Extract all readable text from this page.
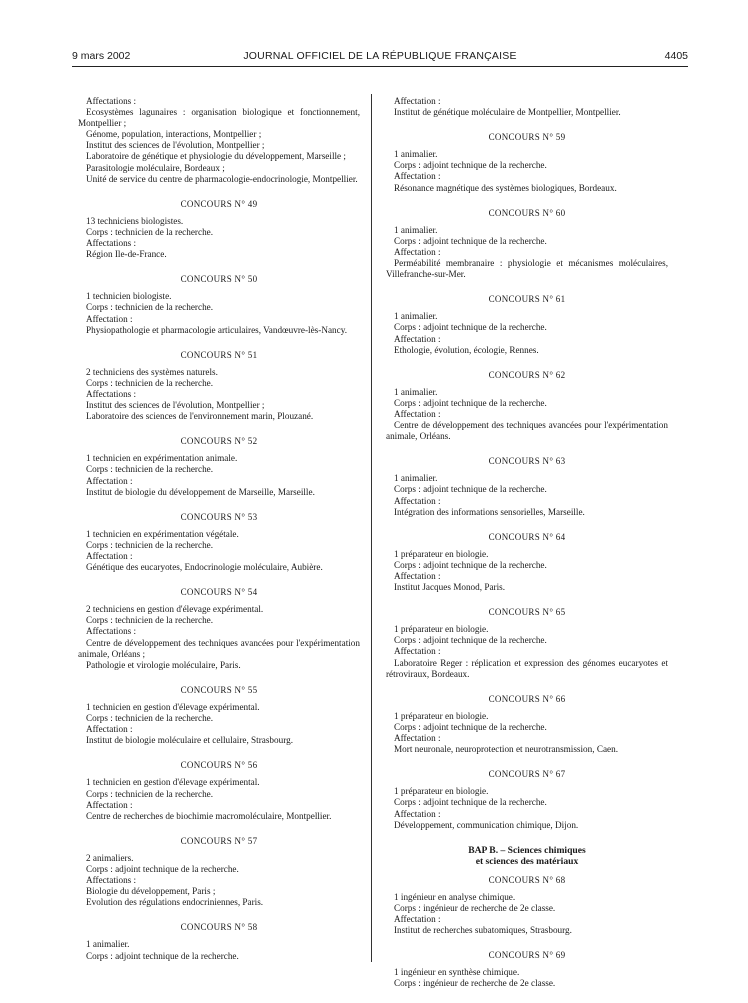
9 mars 2002	JOURNAL OFFICIEL DE LA RÉPUBLIQUE FRANÇAISE	4405

Affectations :

Ecosystèmes lagunaires : organisation biologique et fonctionnement, Montpellier ;

Génome, population, interactions, Montpellier ;

Institut des sciences de l'évolution, Montpellier ;

Laboratoire de génétique et physiologie du développement, Marseille ;

Parasitologie moléculaire, Bordeaux ;

Unité de service du centre de pharmacologie-endocrinologie, Montpellier.

CONCOURS N° 49

13 techniciens biologistes.

Corps : technicien de la recherche.

Affectations :

Région Ile-de-France.

CONCOURS N° 50

1 technicien biologiste.

Corps : technicien de la recherche.

Affectation :

Physiopathologie et pharmacologie articulaires, Vandœuvre-lès-Nancy.

CONCOURS N° 51

2 techniciens des systèmes naturels.

Corps : technicien de la recherche.

Affectations :

Institut des sciences de l'évolution, Montpellier ;

Laboratoire des sciences de l'environnement marin, Plouzané.

CONCOURS N° 52

1 technicien en expérimentation animale.

Corps : technicien de la recherche.

Affectation :

Institut de biologie du développement de Marseille, Marseille.

CONCOURS N° 53

1 technicien en expérimentation végétale.

Corps : technicien de la recherche.

Affectation :

Génétique des eucaryotes, Endocrinologie moléculaire, Aubière.

CONCOURS N° 54

2 techniciens en gestion d'élevage expérimental.

Corps : technicien de la recherche.

Affectations :

Centre de développement des techniques avancées pour l'expérimentation animale, Orléans ;

Pathologie et virologie moléculaire, Paris.

CONCOURS N° 55

1 technicien en gestion d'élevage expérimental.

Corps : technicien de la recherche.

Affectation :

Institut de biologie moléculaire et cellulaire, Strasbourg.

CONCOURS N° 56

1 technicien en gestion d'élevage expérimental.

Corps : technicien de la recherche.

Affectation :

Centre de recherches de biochimie macromoléculaire, Montpellier.

CONCOURS N° 57

2 animaliers.

Corps : adjoint technique de la recherche.

Affectations :

Biologie du développement, Paris ;

Evolution des régulations endocriniennes, Paris.

CONCOURS N° 58

1 animalier.

Corps : adjoint technique de la recherche.

Affectation :

Institut de génétique moléculaire de Montpellier, Montpellier.

CONCOURS N° 59

1 animalier.

Corps : adjoint technique de la recherche.

Affectation :

Résonance magnétique des systèmes biologiques, Bordeaux.

CONCOURS N° 60

1 animalier.

Corps : adjoint technique de la recherche.

Affectation :

Perméabilité membranaire : physiologie et mécanismes moléculaires, Villefranche-sur-Mer.

CONCOURS N° 61

1 animalier.

Corps : adjoint technique de la recherche.

Affectation :

Ethologie, évolution, écologie, Rennes.

CONCOURS N° 62

1 animalier.

Corps : adjoint technique de la recherche.

Affectation :

Centre de développement des techniques avancées pour l'expérimentation animale, Orléans.

CONCOURS N° 63

1 animalier.

Corps : adjoint technique de la recherche.

Affectation :

Intégration des informations sensorielles, Marseille.

CONCOURS N° 64

1 préparateur en biologie.

Corps : adjoint technique de la recherche.

Affectation :

Institut Jacques Monod, Paris.

CONCOURS N° 65

1 préparateur en biologie.

Corps : adjoint technique de la recherche.

Affectation :

Laboratoire Reger : réplication et expression des génomes eucaryotes et rétroviraux, Bordeaux.

CONCOURS N° 66

1 préparateur en biologie.

Corps : adjoint technique de la recherche.

Affectation :

Mort neuronale, neuroprotection et neurotransmission, Caen.

CONCOURS N° 67

1 préparateur en biologie.

Corps : adjoint technique de la recherche.

Affectation :

Développement, communication chimique, Dijon.

BAP B. – Sciences chimiques
et sciences des matériaux
CONCOURS N° 68

1 ingénieur en analyse chimique.

Corps : ingénieur de recherche de 2e classe.

Affectation :

Institut de recherches subatomiques, Strasbourg.

CONCOURS N° 69

1 ingénieur en synthèse chimique.

Corps : ingénieur de recherche de 2e classe.
